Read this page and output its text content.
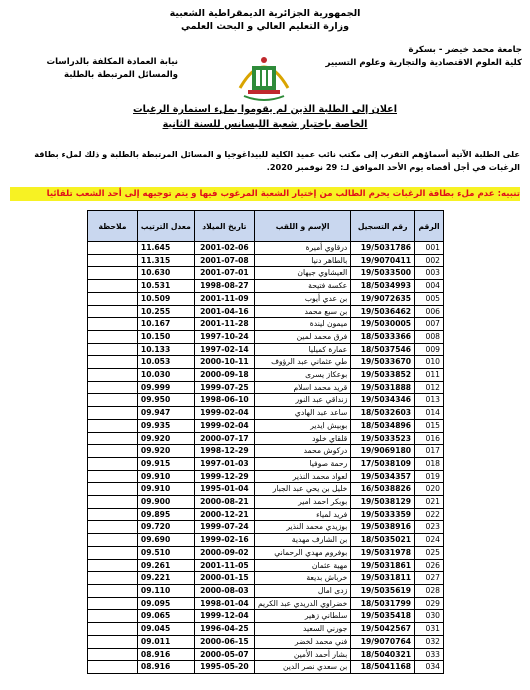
الجمهورية الجزائرية الديمقراطية الشعبية
وزارة التعليم العالي و البحث العلمي
جامعة محمد خيضر - بسكرة
كلية العلوم الاقتصادية والتجارية وعلوم التسيير
نيابة العمادة المكلفة بالدراسات
والمسائل المرتبطة بالطلبة
اعلان إلى الطلبة الذين لم يقوموا بملء استمارة الرغبات
الخاصة باختيار شعبة الليسانس للسنة الثانية
على الطلبة الآتية أسماؤهم التقرب إلى مكتب نائب عميد الكلية للبيداغوجيا و المسائل المرتبطة بالطلبة و ذلك لملء بطاقة الرغبات في أجل أقصاه يوم الأحد الموافق لـ: 29 نوفمبر 2020.
تنبيه: عدم ملء بطاقة الرغبات يحرم الطالب من إختيار الشعبة المرغوب فيها و يتم توجيهه إلى أحد الشعب تلقائيا
الرقم	رقم التسجيل	الإسم و اللقب	تاريخ الميلاد	معدل الترتيب	ملاحظة
001	19/5031786	درقاوي أميرة	2001-02-06	11.645	
002	19/9070411	بالطاهر دنيا	2001-07-08	11.315	
003	19/5033500	العيشاوي جيهان	2001-07-01	10.630	
004	18/5034993	عكسة فتيحة	1998-08-27	10.531	
005	19/9072635	بن عدي أيوب	2001-11-09	10.509	
006	19/5036462	بن سبع محمد	2001-04-16	10.255	
007	19/5030005	ميمون ليندة	2001-11-28	10.167	
008	18/5033366	فرق محمد لمين	1997-10-24	10.150	
009	18/5037546	عمارة كميليا	1997-02-14	10.133	
010	19/5033670	طي عثماني عبد الرؤوف	2000-10-11	10.053	
011	19/5033852	بوعكاز يسرى	2000-09-18	10.030	
012	19/5031888	قريد محمد اسلام	1999-07-25	09.999	
013	19/5034346	زنداقي عبد النور	1998-06-10	09.950	
014	18/5032603	ساعد عبد الهادي	1999-02-04	09.947	
015	18/5034896	بوبيش ايدير	1999-02-04	09.935	
016	19/5033523	قلقاي خلود	2000-07-17	09.920	
017	19/9069180	دركوش محمد	1998-12-29	09.920	
018	17/5038109	رحمة صوفيا	1997-01-03	09.915	
019	19/5034357	لعواد محمد النذير	1999-12-29	09.910	
020	16/5038826	خليل بن يحي عبد الجبار	1995-01-04	09.910	
021	19/5038129	بوبكر احمد امير	2000-08-21	09.900	
022	19/5033359	فريد لمياء	2000-12-21	09.895	
023	19/5038916	بوزيدي محمد النذير	1999-07-24	09.720	
024	18/5035021	بن الشارف مهدية	1999-02-16	09.690	
025	19/5031978	بوفروم مهدي الرحماني	2000-09-02	09.510	
026	19/5031861	مهية عثمان	2001-11-05	09.261	
027	19/5031811	خرباش بديعة	2000-01-15	09.221	
028	19/5035619	زدى امال	2000-08-03	09.110	
029	18/5031799	خضراوي الدريدي عبد الكريم	1998-01-04	09.095	
030	19/5035418	سلطاني زهير	1999-12-04	09.065	
031	19/5042567	جورني السعيد	1996-04-25	09.045	
032	19/9070764	فني محمد لخضر	2000-06-15	09.011	
033	18/5040321	بشار أحمد الأمين	2000-05-07	08.916	
034	18/5041168	بن سعدي نصر الدين	1995-05-20	08.916	
